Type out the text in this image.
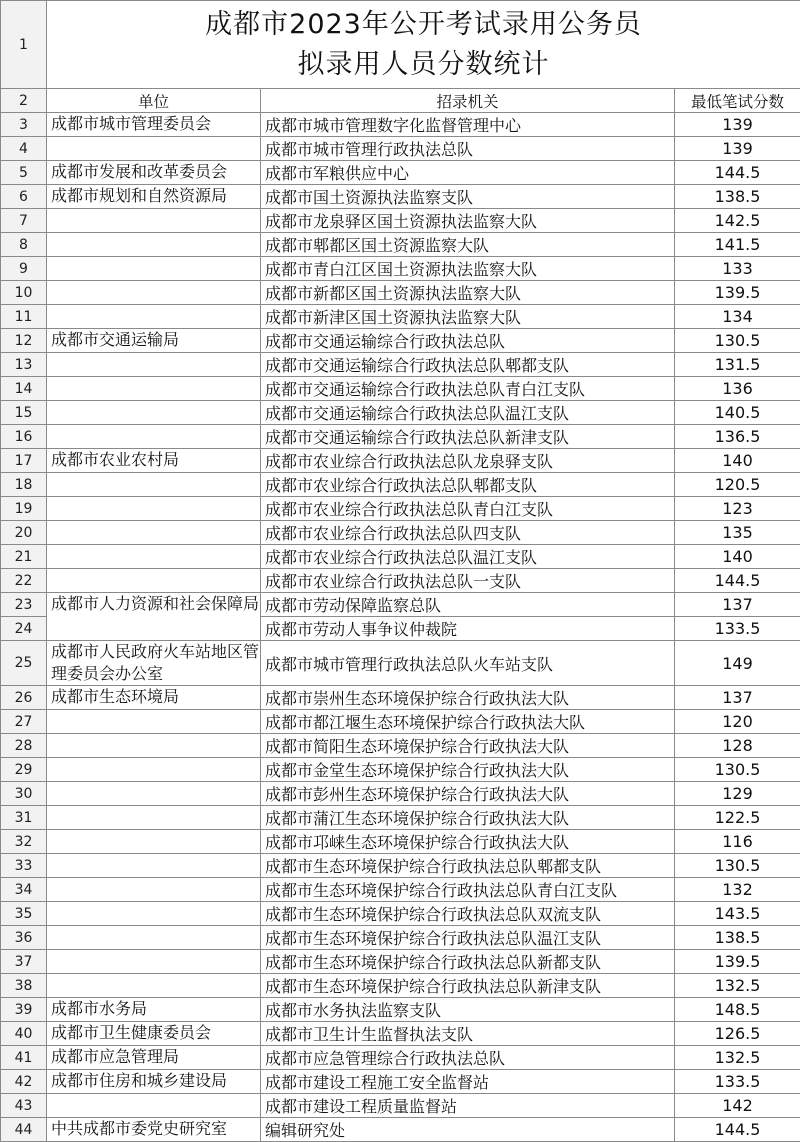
1	成都市2023年公开考试录用公务员
拟录用人员分数统计		

2	单位	招录机关	最低笔试分数
3	成都市城市管理委员会	成都市城市管理数字化监督管理中心	139
4		成都市城市管理行政执法总队	139
5	成都市发展和改革委员会	成都市军粮供应中心	144.5
6	成都市规划和自然资源局	成都市国土资源执法监察支队	138.5
7		成都市龙泉驿区国土资源执法监察大队	142.5
8		成都市郫都区国土资源监察大队	141.5
9		成都市青白江区国土资源执法监察大队	133
10		成都市新都区国土资源执法监察大队	139.5
11		成都市新津区国土资源执法监察大队	134
12	成都市交通运输局	成都市交通运输综合行政执法总队	130.5
13		成都市交通运输综合行政执法总队郫都支队	131.5
14		成都市交通运输综合行政执法总队青白江支队	136
15		成都市交通运输综合行政执法总队温江支队	140.5
16		成都市交通运输综合行政执法总队新津支队	136.5
17	成都市农业农村局	成都市农业综合行政执法总队龙泉驿支队	140
18		成都市农业综合行政执法总队郫都支队	120.5
19		成都市农业综合行政执法总队青白江支队	123
20		成都市农业综合行政执法总队四支队	135
21		成都市农业综合行政执法总队温江支队	140
22		成都市农业综合行政执法总队一支队	144.5
23	成都市人力资源和社会保障局	成都市劳动保障监察总队	137
24		成都市劳动人事争议仲裁院	133.5
25	成都市人民政府火车站地区管理委员会办公室	成都市城市管理行政执法总队火车站支队	149
26	成都市生态环境局	成都市崇州生态环境保护综合行政执法大队	137
27		成都市都江堰生态环境保护综合行政执法大队	120
28		成都市简阳生态环境保护综合行政执法大队	128
29		成都市金堂生态环境保护综合行政执法大队	130.5
30		成都市彭州生态环境保护综合行政执法大队	129
31		成都市蒲江生态环境保护综合行政执法大队	122.5
32		成都市邛崃生态环境保护综合行政执法大队	116
33		成都市生态环境保护综合行政执法总队郫都支队	130.5
34		成都市生态环境保护综合行政执法总队青白江支队	132
35		成都市生态环境保护综合行政执法总队双流支队	143.5
36		成都市生态环境保护综合行政执法总队温江支队	138.5
37		成都市生态环境保护综合行政执法总队新都支队	139.5
38		成都市生态环境保护综合行政执法总队新津支队	132.5
39	成都市水务局	成都市水务执法监察支队	148.5
40	成都市卫生健康委员会	成都市卫生计生监督执法支队	126.5
41	成都市应急管理局	成都市应急管理综合行政执法总队	132.5
42	成都市住房和城乡建设局	成都市建设工程施工安全监督站	133.5
43		成都市建设工程质量监督站	142
44	中共成都市委党史研究室	编辑研究处	144.5
